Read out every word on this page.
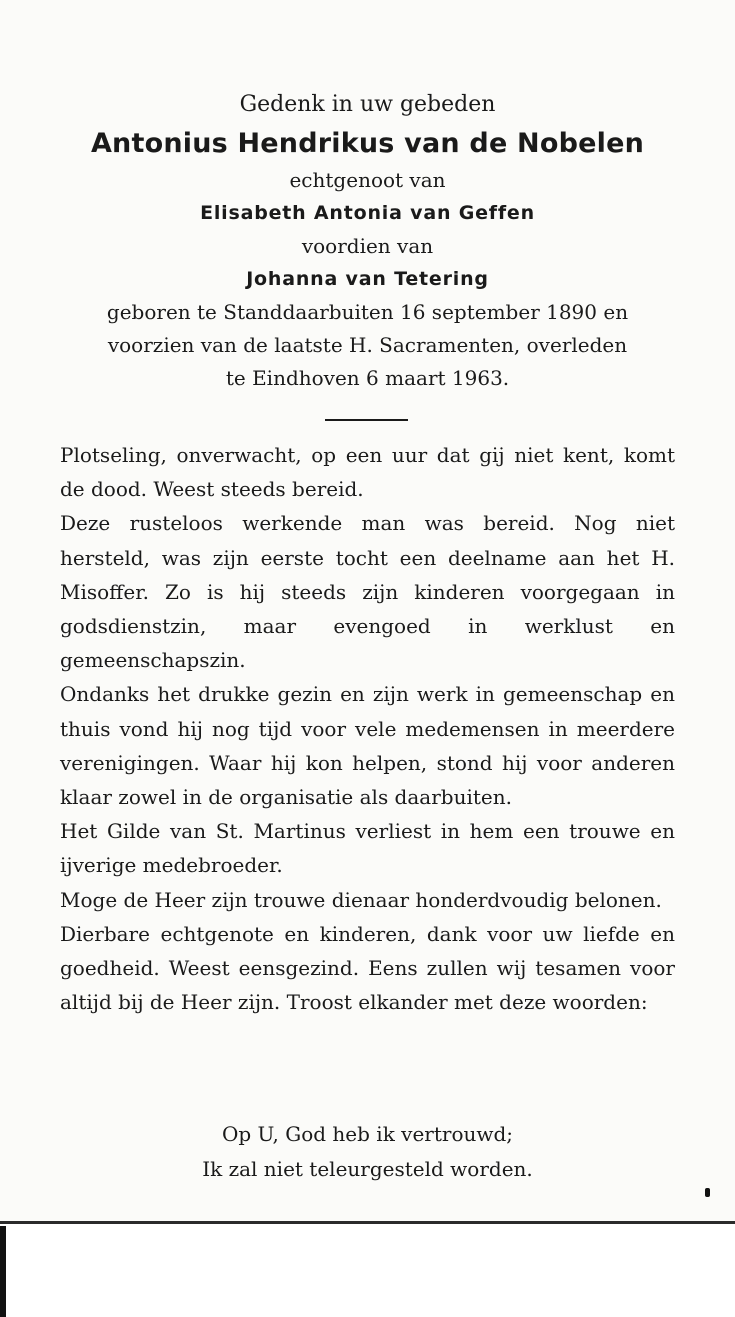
Gedenk in uw gebeden
Antonius Hendrikus van de Nobelen
echtgenoot van
Elisabeth Antonia van Geffen
voordien van
Johanna van Tetering
geboren te Standdaarbuiten 16 september 1890 en
voorzien van de laatste H. Sacramenten, overleden
te Eindhoven 6 maart 1963.

Plotseling, onverwacht, op een uur dat gij niet kent, komt de dood. Weest steeds bereid.

Deze rusteloos werkende man was bereid. Nog niet hersteld, was zijn eerste tocht een deelname aan het H. Misoffer. Zo is hij steeds zijn kinderen voorgegaan in godsdienstzin, maar evengoed in werklust en gemeenschapszin.

Ondanks het drukke gezin en zijn werk in gemeenschap en thuis vond hij nog tijd voor vele medemensen in meerdere verenigingen. Waar hij kon helpen, stond hij voor anderen klaar zowel in de organisatie als daarbuiten.

Het Gilde van St. Martinus verliest in hem een trouwe en ijverige medebroeder.

Moge de Heer zijn trouwe dienaar honderdvoudig belonen.

Dierbare echtgenote en kinderen, dank voor uw liefde en goedheid. Weest eensgezind. Eens zullen wij tesamen voor altijd bij de Heer zijn. Troost elkander met deze woorden:

Op U, God heb ik vertrouwd;
Ik zal niet teleurgesteld worden.
